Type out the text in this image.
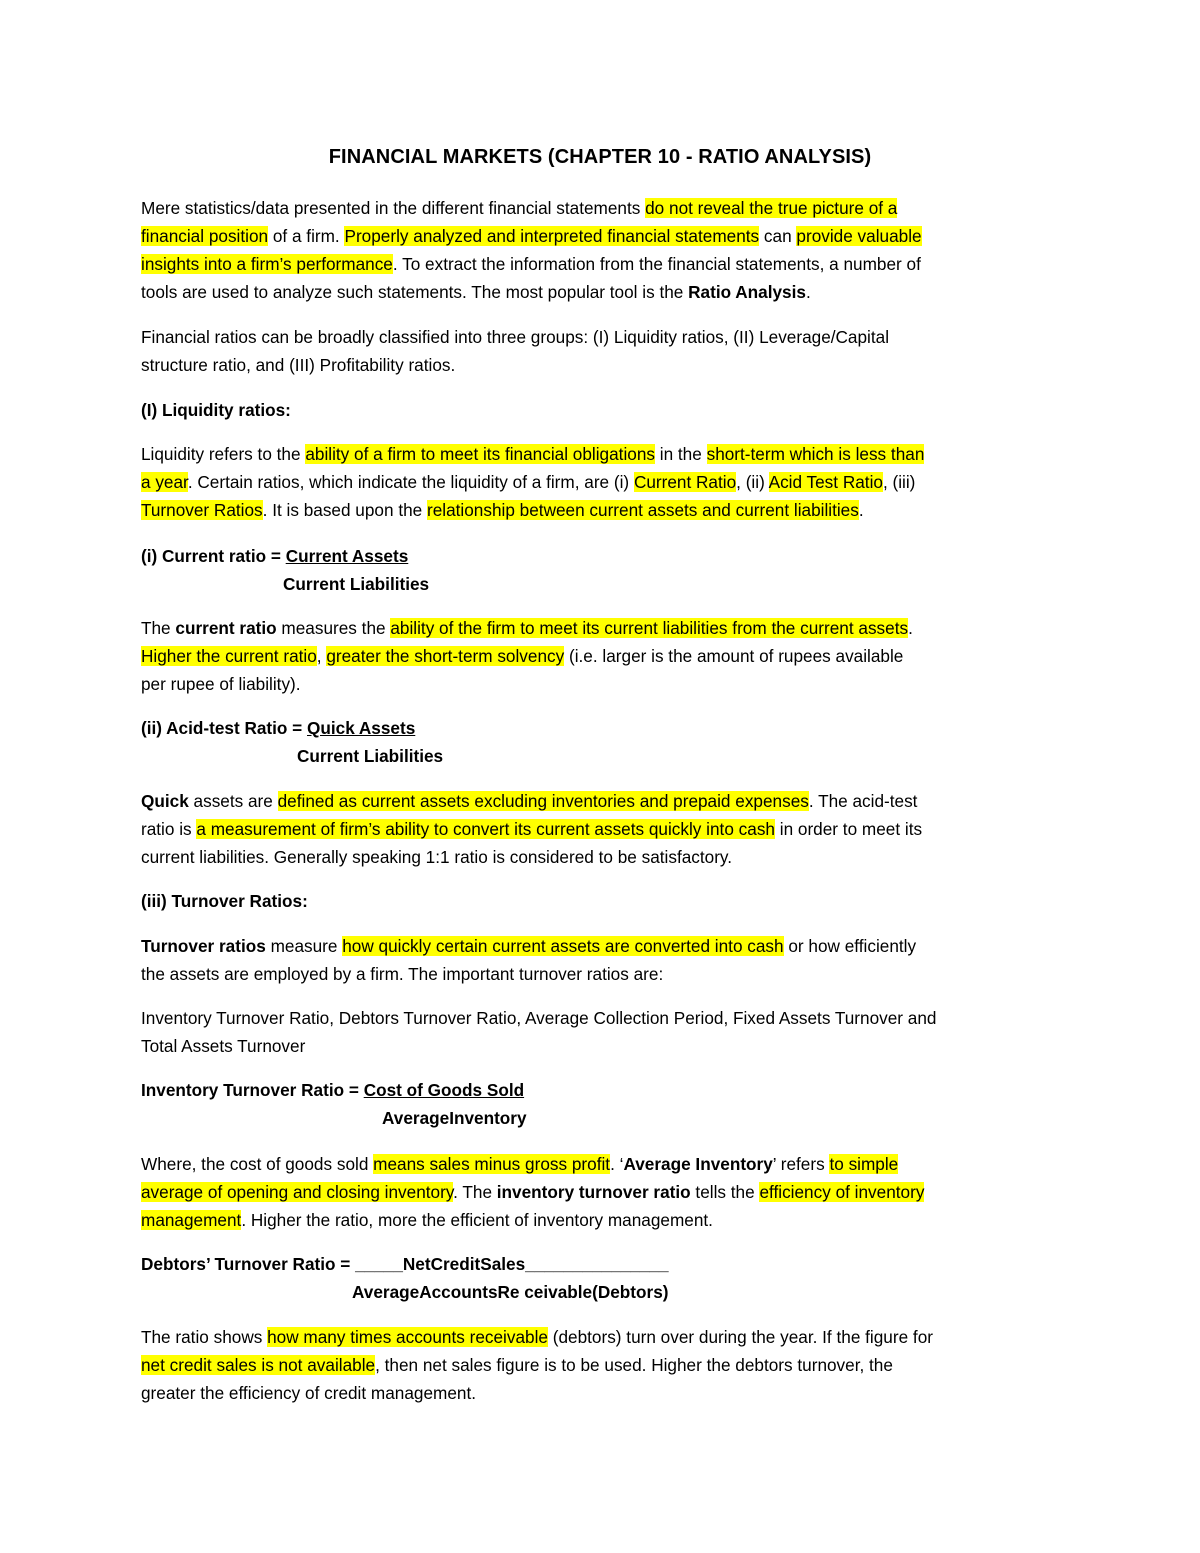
FINANCIAL MARKETS (CHAPTER 10 - RATIO ANALYSIS)
Mere statistics/data presented in the different financial statements do not reveal the true picture of a
financial position of a firm. Properly analyzed and interpreted financial statements can provide valuable
insights into a firm’s performance. To extract the information from the financial statements, a number of
tools are used to analyze such statements. The most popular tool is the Ratio Analysis.
Financial ratios can be broadly classified into three groups: (I) Liquidity ratios, (II) Leverage/Capital
structure ratio, and (III) Profitability ratios.
(I) Liquidity ratios:
Liquidity refers to the ability of a firm to meet its financial obligations in the short-term which is less than
a year. Certain ratios, which indicate the liquidity of a firm, are (i) Current Ratio, (ii) Acid Test Ratio, (iii)
Turnover Ratios. It is based upon the relationship between current assets and current liabilities.
(i) Current ratio = Current Assets
Current Liabilities
The current ratio measures the ability of the firm to meet its current liabilities from the current assets.
Higher the current ratio, greater the short-term solvency (i.e. larger is the amount of rupees available
per rupee of liability).
(ii) Acid-test Ratio = Quick Assets
Current Liabilities
Quick assets are defined as current assets excluding inventories and prepaid expenses. The acid-test
ratio is a measurement of firm’s ability to convert its current assets quickly into cash in order to meet its
current liabilities. Generally speaking 1:1 ratio is considered to be satisfactory.
(iii) Turnover Ratios:
Turnover ratios measure how quickly certain current assets are converted into cash or how efficiently
the assets are employed by a firm. The important turnover ratios are:
Inventory Turnover Ratio, Debtors Turnover Ratio, Average Collection Period, Fixed Assets Turnover and
Total Assets Turnover
Inventory Turnover Ratio = Cost of Goods Sold
AverageInventory
Where, the cost of goods sold means sales minus gross profit. ‘Average Inventory’ refers to simple
average of opening and closing inventory. The inventory turnover ratio tells the efficiency of inventory
management. Higher the ratio, more the efficient of inventory management.
Debtors’ Turnover Ratio = _____NetCreditSales_______________
AverageAccountsRe ceivable(Debtors)
The ratio shows how many times accounts receivable (debtors) turn over during the year. If the figure for
net credit sales is not available, then net sales figure is to be used. Higher the debtors turnover, the
greater the efficiency of credit management.
